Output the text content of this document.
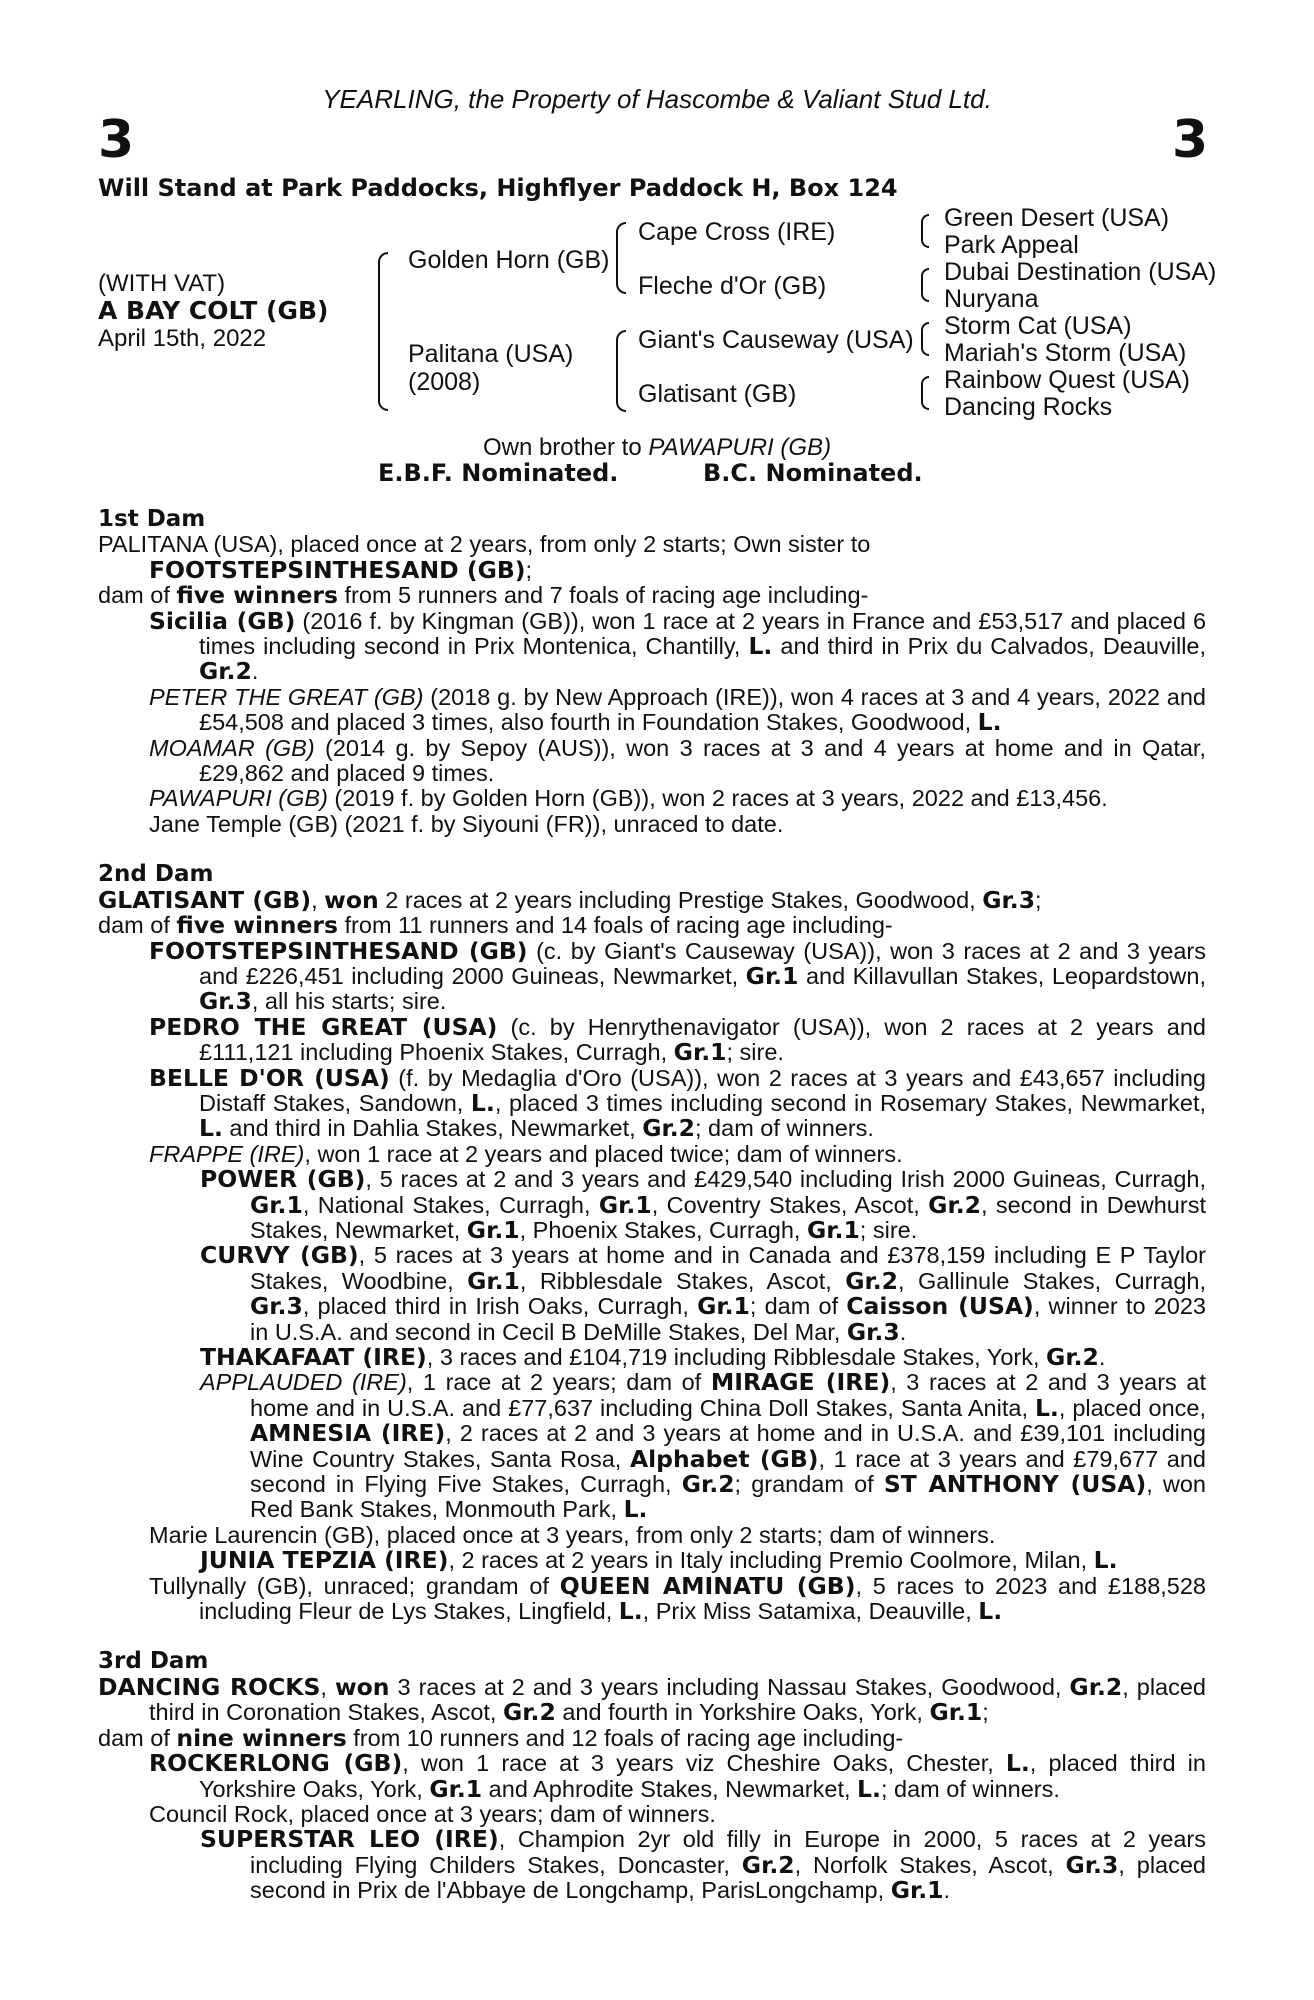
YEARLING, the Property of Hascombe & Valiant Stud Ltd.
3	3
Will Stand at Park Paddocks, Highflyer Paddock H, Box 124
(WITH VAT)
A BAY COLT (GB)
April 15th, 2022
Golden Horn (GB)
Palitana (USA)
(2008)
Cape Cross (IRE)
Fleche d'Or (GB)
Giant's Causeway (USA)
Glatisant (GB)
Green Desert (USA)
Park Appeal
Dubai Destination (USA)
Nuryana
Storm Cat (USA)
Mariah's Storm (USA)
Rainbow Quest (USA)
Dancing Rocks
Own brother to PAWAPURI (GB)
E.B.F. Nominated.	B.C. Nominated.

1st Dam

PALITANA (USA), placed once at 2 years, from only 2 starts; Own sister to
FOOTSTEPSINTHESAND (GB);

dam of five winners from 5 runners and 7 foals of racing age including-

Sicilia (GB) (2016 f. by Kingman (GB)), won 1 race at 2 years in France and £53,517 and placed 6 times including second in Prix Montenica, Chantilly, L. and third in Prix du Calvados, Deauville, Gr.2.

PETER THE GREAT (GB) (2018 g. by New Approach (IRE)), won 4 races at 3 and 4 years, 2022 and £54,508 and placed 3 times, also fourth in Foundation Stakes, Goodwood, L.

MOAMAR (GB) (2014 g. by Sepoy (AUS)), won 3 races at 3 and 4 years at home and in Qatar, £29,862 and placed 9 times.

PAWAPURI (GB) (2019 f. by Golden Horn (GB)), won 2 races at 3 years, 2022 and £13,456.

Jane Temple (GB) (2021 f. by Siyouni (FR)), unraced to date.

2nd Dam

GLATISANT (GB), won 2 races at 2 years including Prestige Stakes, Goodwood, Gr.3;

dam of five winners from 11 runners and 14 foals of racing age including-

FOOTSTEPSINTHESAND (GB) (c. by Giant's Causeway (USA)), won 3 races at 2 and 3 years and £226,451 including 2000 Guineas, Newmarket, Gr.1 and Killavullan Stakes, Leopardstown, Gr.3, all his starts; sire.

PEDRO THE GREAT (USA) (c. by Henrythenavigator (USA)), won 2 races at 2 years and £111,121 including Phoenix Stakes, Curragh, Gr.1; sire.

BELLE D'OR (USA) (f. by Medaglia d'Oro (USA)), won 2 races at 3 years and £43,657 including Distaff Stakes, Sandown, L., placed 3 times including second in Rosemary Stakes, Newmarket, L. and third in Dahlia Stakes, Newmarket, Gr.2; dam of winners.

FRAPPE (IRE), won 1 race at 2 years and placed twice; dam of winners.

POWER (GB), 5 races at 2 and 3 years and £429,540 including Irish 2000 Guineas, Curragh, Gr.1, National Stakes, Curragh, Gr.1, Coventry Stakes, Ascot, Gr.2, second in Dewhurst Stakes, Newmarket, Gr.1, Phoenix Stakes, Curragh, Gr.1; sire.

CURVY (GB), 5 races at 3 years at home and in Canada and £378,159 including E P Taylor Stakes, Woodbine, Gr.1, Ribblesdale Stakes, Ascot, Gr.2, Gallinule Stakes, Curragh, Gr.3, placed third in Irish Oaks, Curragh, Gr.1; dam of Caisson (USA), winner to 2023 in U.S.A. and second in Cecil B DeMille Stakes, Del Mar, Gr.3.

THAKAFAAT (IRE), 3 races and £104,719 including Ribblesdale Stakes, York, Gr.2.

APPLAUDED (IRE), 1 race at 2 years; dam of MIRAGE (IRE), 3 races at 2 and 3 years at home and in U.S.A. and £77,637 including China Doll Stakes, Santa Anita, L., placed once, AMNESIA (IRE), 2 races at 2 and 3 years at home and in U.S.A. and £39,101 including Wine Country Stakes, Santa Rosa, Alphabet (GB), 1 race at 3 years and £79,677 and second in Flying Five Stakes, Curragh, Gr.2; grandam of ST ANTHONY (USA), won Red Bank Stakes, Monmouth Park, L.

Marie Laurencin (GB), placed once at 3 years, from only 2 starts; dam of winners.

JUNIA TEPZIA (IRE), 2 races at 2 years in Italy including Premio Coolmore, Milan, L.

Tullynally (GB), unraced; grandam of QUEEN AMINATU (GB), 5 races to 2023 and £188,528 including Fleur de Lys Stakes, Lingfield, L., Prix Miss Satamixa, Deauville, L.

3rd Dam

DANCING ROCKS, won 3 races at 2 and 3 years including Nassau Stakes, Goodwood, Gr.2, placed third in Coronation Stakes, Ascot, Gr.2 and fourth in Yorkshire Oaks, York, Gr.1;

dam of nine winners from 10 runners and 12 foals of racing age including-

ROCKERLONG (GB), won 1 race at 3 years viz Cheshire Oaks, Chester, L., placed third in Yorkshire Oaks, York, Gr.1 and Aphrodite Stakes, Newmarket, L.; dam of winners.

Council Rock, placed once at 3 years; dam of winners.

SUPERSTAR LEO (IRE), Champion 2yr old filly in Europe in 2000, 5 races at 2 years including Flying Childers Stakes, Doncaster, Gr.2, Norfolk Stakes, Ascot, Gr.3, placed second in Prix de l'Abbaye de Longchamp, ParisLongchamp, Gr.1.
